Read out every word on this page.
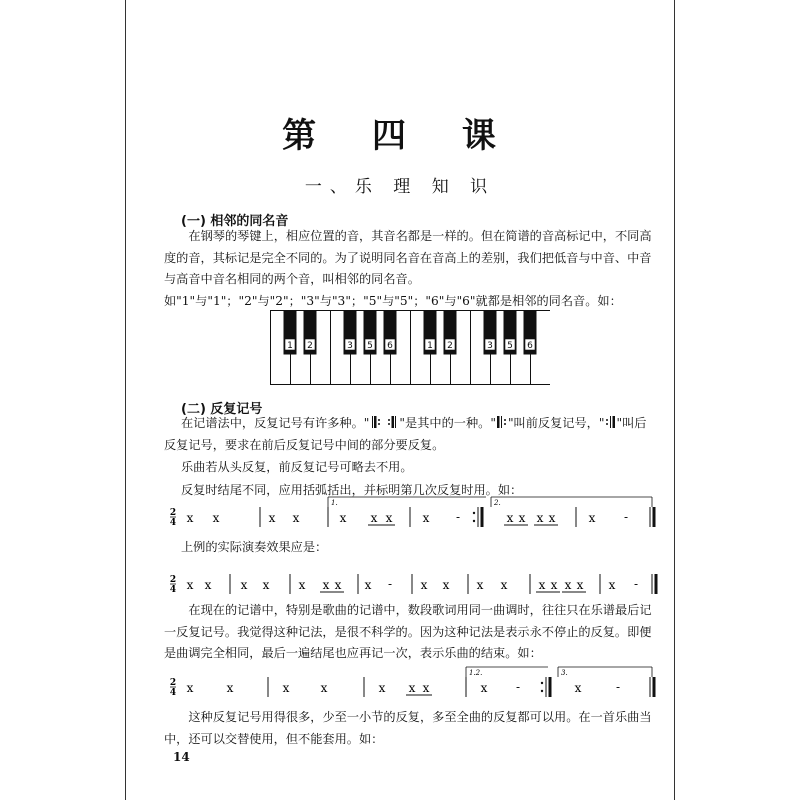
第 四 课
一、乐 理 知 识
(一) 相邻的同名音

在钢琴的琴键上，相应位置的音，其音名都是一样的。但在简谱的音高标记中，不同高度的音，其标记是完全不同的。为了说明同名音在音高上的差别，我们把低音与中音、中音与高音中音名相同的两个音，叫相邻的同名音。如"1"与"1"；"2"与"2"；"3"与"3"；"5"与"5"；"6"与"6"就都是相邻的同名音。如：

1 2	3 5 6	1 2	3 5 6
(二) 反复记号
在记谱法中，反复记号有许多种。" "是其中的一种。" "叫前反复记号，" "叫后
反复记号，要求在前后反复记号中间的部分要反复。
乐曲若从头反复，前反复记号可略去不用。
反复时结尾不同，应用括弧括出，并标明第几次反复时用。如：
2
4 x x	x x
1.
x x x	x -
2.
x x x x	x -
上例的实际演奏效果应是：
2
4 x x x x x x x x - x x x x	x x x x x -

在现在的记谱中，特别是歌曲的记谱中，数段歌词用同一曲调时，往往只在乐谱最后记一反复记号。我觉得这种记法，是很不科学的。因为这种记法是表示永不停止的反复。即便是曲调完全相同，最后一遍结尾也应再记一次，表示乐曲的结束。如：

2
4 x	x	x	x	x x x
1.2.
x -
3.
x	-

这种反复记号用得很多，少至一小节的反复，多至全曲的反复都可以用。在一首乐曲当中，还可以交替使用，但不能套用。如：

14
